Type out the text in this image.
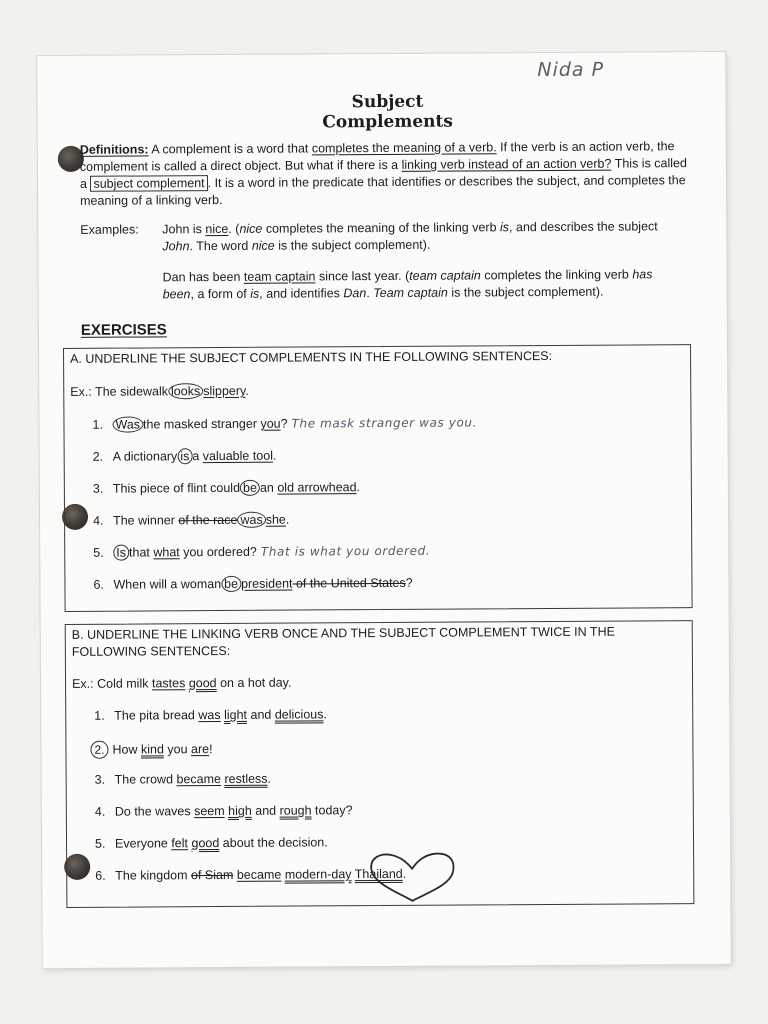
Nida P
Subject Complements
Definitions: A complement is a word that completes the meaning of a verb. If the verb is an action verb, the complement is called a direct object. But what if there is a linking verb instead of an action verb? This is called a subject complement . It is a word in the predicate that identifies or describes the subject, and completes the meaning of a linking verb.
Examples: John is nice. (nice completes the meaning of the linking verb is, and describes the subject John. The word nice is the subject complement).
Dan has been team captain since last year. (team captain completes the linking verb has been, a form of is, and identifies Dan. Team captain is the subject complement).
EXERCISES
A. UNDERLINE THE SUBJECT COMPLEMENTS IN THE FOLLOWING SENTENCES:
Ex.: The sidewalk looks slippery.
1. Was the masked stranger you? The mask stranger was you.
2. A dictionary is a valuable tool.
3. This piece of flint could be an old arrowhead.
4. The winner of the race was she.
5. Is that what you ordered? That is what you ordered.
6. When will a woman be president of the United States?
B. UNDERLINE THE LINKING VERB ONCE AND THE SUBJECT COMPLEMENT TWICE IN THE FOLLOWING SENTENCES:
Ex.: Cold milk tastes good on a hot day.
1. The pita bread was light and delicious.
2. How kind you are!
3. The crowd became restless.
4. Do the waves seem high and rough today?
5. Everyone felt good about the decision.
6. The kingdom of Siam became modern-day Thailand.
